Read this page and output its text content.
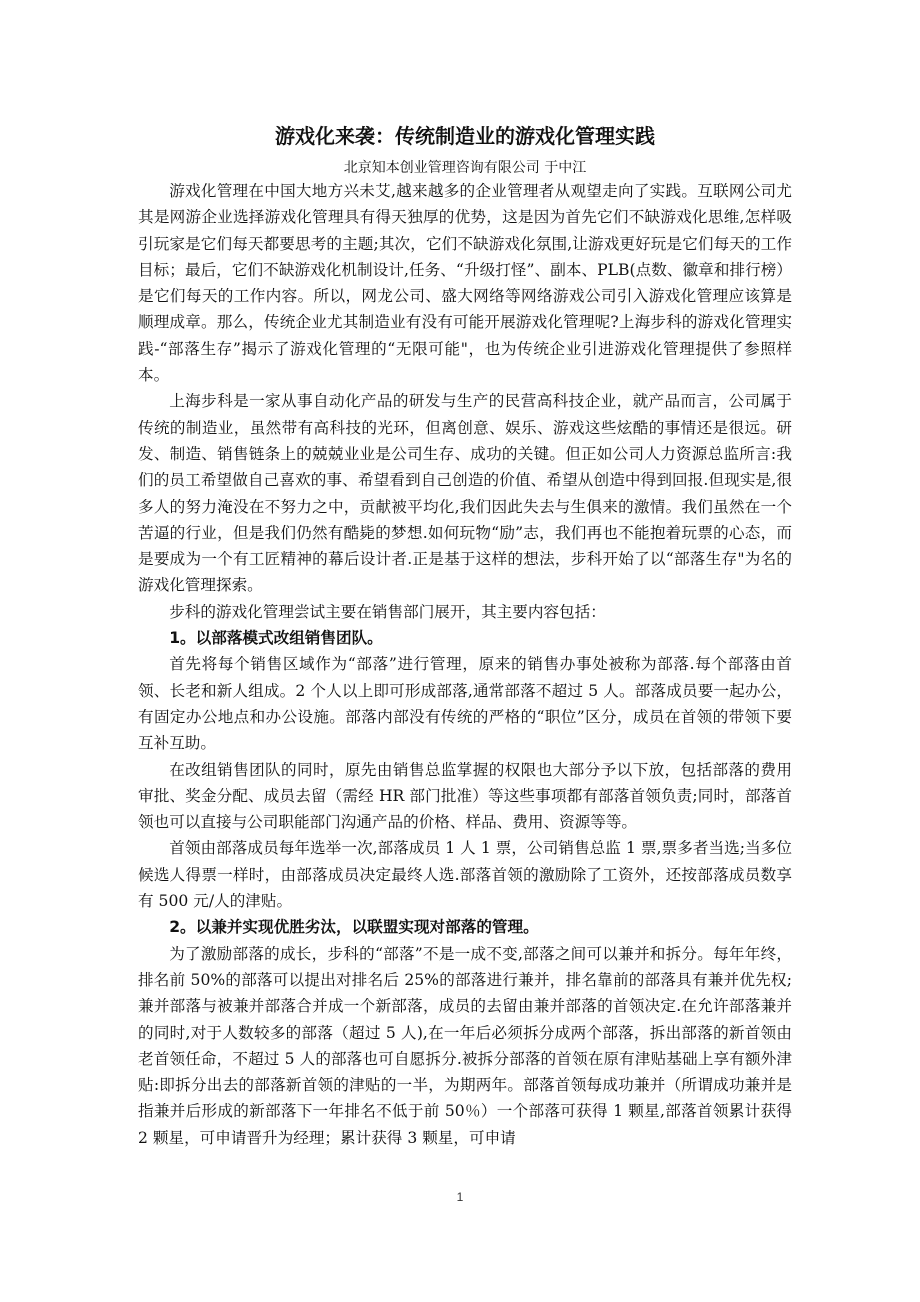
游戏化来袭：传统制造业的游戏化管理实践

北京知本创业管理咨询有限公司 于中江

游戏化管理在中国大地方兴未艾,越来越多的企业管理者从观望走向了实践。互联网公司尤其是网游企业选择游戏化管理具有得天独厚的优势，这是因为首先它们不缺游戏化思维,怎样吸引玩家是它们每天都要思考的主题;其次，它们不缺游戏化氛围,让游戏更好玩是它们每天的工作目标；最后，它们不缺游戏化机制设计,任务、“升级打怪”、副本、PLB(点数、徽章和排行榜）是它们每天的工作内容。所以，网龙公司、盛大网络等网络游戏公司引入游戏化管理应该算是顺理成章。那么，传统企业尤其制造业有没有可能开展游戏化管理呢?上海步科的游戏化管理实践-“部落生存”揭示了游戏化管理的“无限可能"，也为传统企业引进游戏化管理提供了参照样本。

上海步科是一家从事自动化产品的研发与生产的民营高科技企业，就产品而言，公司属于传统的制造业，虽然带有高科技的光环，但离创意、娱乐、游戏这些炫酷的事情还是很远。研发、制造、销售链条上的兢兢业业是公司生存、成功的关键。但正如公司人力资源总监所言:我们的员工希望做自己喜欢的事、希望看到自己创造的价值、希望从创造中得到回报.但现实是,很多人的努力淹没在不努力之中，贡献被平均化,我们因此失去与生俱来的激情。我们虽然在一个苦逼的行业，但是我们仍然有酷毙的梦想.如何玩物“励”志，我们再也不能抱着玩票的心态，而是要成为一个有工匠精神的幕后设计者.正是基于这样的想法，步科开始了以“部落生存"为名的游戏化管理探索。

步科的游戏化管理尝试主要在销售部门展开，其主要内容包括：

1。以部落模式改组销售团队。

首先将每个销售区域作为“部落”进行管理，原来的销售办事处被称为部落.每个部落由首领、长老和新人组成。2 个人以上即可形成部落,通常部落不超过 5 人。部落成员要一起办公，有固定办公地点和办公设施。部落内部没有传统的严格的“职位”区分，成员在首领的带领下要互补互助。

在改组销售团队的同时，原先由销售总监掌握的权限也大部分予以下放，包括部落的费用审批、奖金分配、成员去留（需经 HR 部门批准）等这些事项都有部落首领负责;同时，部落首领也可以直接与公司职能部门沟通产品的价格、样品、费用、资源等等。

首领由部落成员每年选举一次,部落成员 1 人 1 票，公司销售总监 1 票,票多者当选;当多位候选人得票一样时，由部落成员决定最终人选.部落首领的激励除了工资外，还按部落成员数享有 500 元/人的津贴。

2。以兼并实现优胜劣汰，以联盟实现对部落的管理。

为了激励部落的成长，步科的“部落”不是一成不变,部落之间可以兼并和拆分。每年年终，排名前 50%的部落可以提出对排名后 25%的部落进行兼并，排名靠前的部落具有兼并优先权;兼并部落与被兼并部落合并成一个新部落，成员的去留由兼并部落的首领决定.在允许部落兼并的同时,对于人数较多的部落（超过 5 人),在一年后必须拆分成两个部落，拆出部落的新首领由老首领任命，不超过 5 人的部落也可自愿拆分.被拆分部落的首领在原有津贴基础上享有额外津贴:即拆分出去的部落新首领的津贴的一半，为期两年。部落首领每成功兼并（所谓成功兼并是指兼并后形成的新部落下一年排名不低于前 50％）一个部落可获得 1 颗星,部落首领累计获得 2 颗星，可申请晋升为经理；累计获得 3 颗星，可申请

1
